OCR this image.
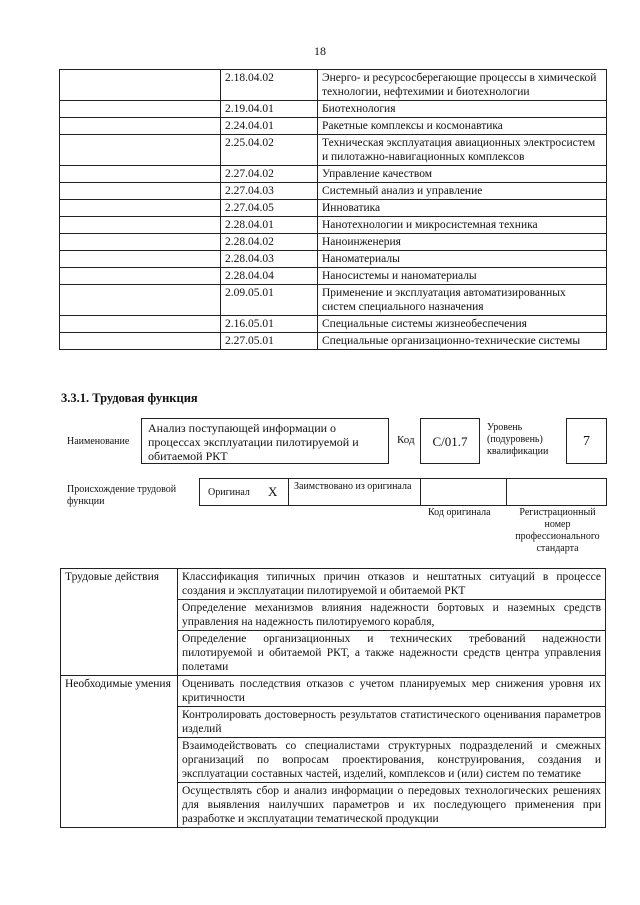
18
	2.18.04.02	Энерго- и ресурсосберегающие процессы в химической технологии, нефтехимии и биотехнологии
	2.19.04.01	Биотехнология
	2.24.04.01	Ракетные комплексы и космонавтика
	2.25.04.02	Техническая эксплуатация авиационных электросистем и пилотажно-навигационных комплексов
	2.27.04.02	Управление качеством
	2.27.04.03	Системный анализ и управление
	2.27.04.05	Инноватика
	2.28.04.01	Нанотехнологии и микросистемная техника
	2.28.04.02	Наноинженерия
	2.28.04.03	Наноматериалы
	2.28.04.04	Наносистемы и наноматериалы
	2.09.05.01	Применение и эксплуатация автоматизированных систем специального назначения
	2.16.05.01	Специальные системы жизнеобеспечения
	2.27.05.01	Специальные организационно-технические системы
3.3.1. Трудовая функция
Наименование
Анализ поступающей информации о процессах эксплуатации пилотируемой и обитаемой РКТ
Код	С/01.7
Уровень (подуровень) квалификации
7
Происхождение трудовой функции
Оригинал X Заимствовано из оригинала
Код оригинала	Регистрационный номер профессионального стандарта
Трудовые действия	Классификация типичных причин отказов и нештатных ситуаций в процессе создания и эксплуатации пилотируемой и обитаемой РКТ
	Определение механизмов влияния надежности бортовых и наземных средств управления на надежность пилотируемого корабля,
	Определение организационных и технических требований надежности пилотируемой и обитаемой РКТ, а также надежности средств центра управления полетами
Необходимые умения	Оценивать последствия отказов с учетом планируемых мер снижения уровня их критичности
	Контролировать достоверность результатов статистического оценивания параметров изделий
	Взаимодействовать со специалистами структурных подразделений и смежных организаций по вопросам проектирования, конструирования, создания и эксплуатации составных частей, изделий, комплексов и (или) систем по тематике
	Осуществлять сбор и анализ информации о передовых технологических решениях для выявления наилучших параметров и их последующего применения при разработке и эксплуатации тематической продукции
